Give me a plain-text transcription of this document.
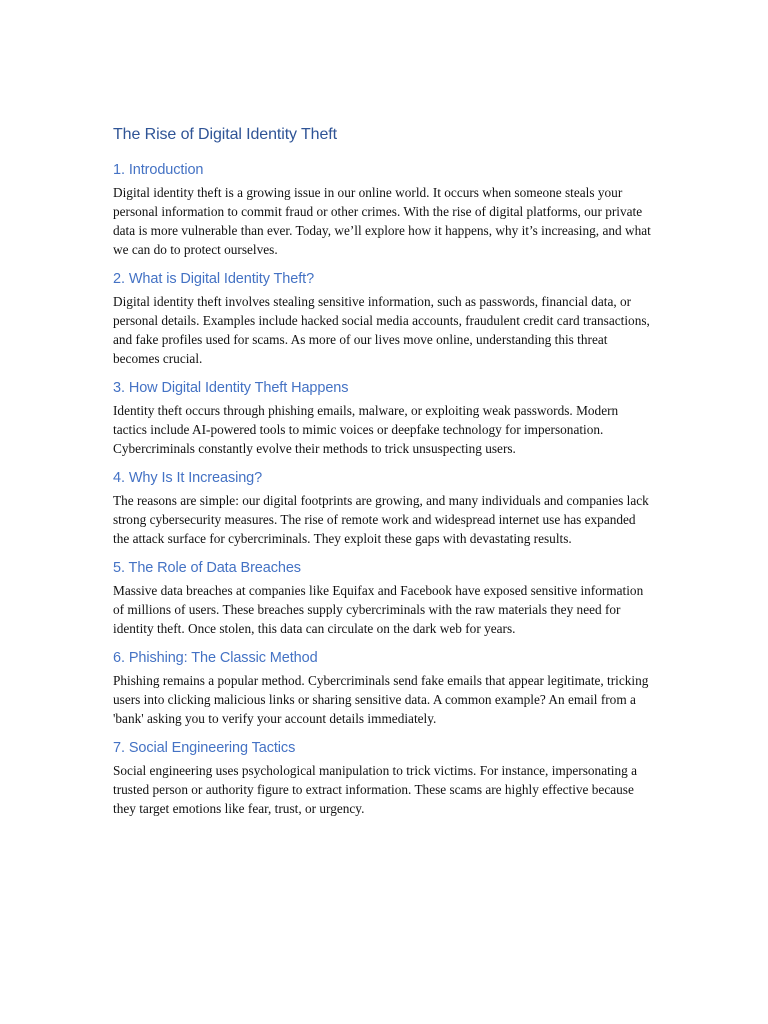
The Rise of Digital Identity Theft
1. Introduction

Digital identity theft is a growing issue in our online world. It occurs when someone steals your personal information to commit fraud or other crimes. With the rise of digital platforms, our private data is more vulnerable than ever. Today, we’ll explore how it happens, why it’s increasing, and what we can do to protect ourselves.

2. What is Digital Identity Theft?

Digital identity theft involves stealing sensitive information, such as passwords, financial data, or personal details. Examples include hacked social media accounts, fraudulent credit card transactions, and fake profiles used for scams. As more of our lives move online, understanding this threat becomes crucial.

3. How Digital Identity Theft Happens

Identity theft occurs through phishing emails, malware, or exploiting weak passwords. Modern tactics include AI-powered tools to mimic voices or deepfake technology for impersonation. Cybercriminals constantly evolve their methods to trick unsuspecting users.

4. Why Is It Increasing?

The reasons are simple: our digital footprints are growing, and many individuals and companies lack strong cybersecurity measures. The rise of remote work and widespread internet use has expanded the attack surface for cybercriminals. They exploit these gaps with devastating results.

5. The Role of Data Breaches

Massive data breaches at companies like Equifax and Facebook have exposed sensitive information of millions of users. These breaches supply cybercriminals with the raw materials they need for identity theft. Once stolen, this data can circulate on the dark web for years.

6. Phishing: The Classic Method

Phishing remains a popular method. Cybercriminals send fake emails that appear legitimate, tricking users into clicking malicious links or sharing sensitive data. A common example? An email from a 'bank' asking you to verify your account details immediately.

7. Social Engineering Tactics

Social engineering uses psychological manipulation to trick victims. For instance, impersonating a trusted person or authority figure to extract information. These scams are highly effective because they target emotions like fear, trust, or urgency.
